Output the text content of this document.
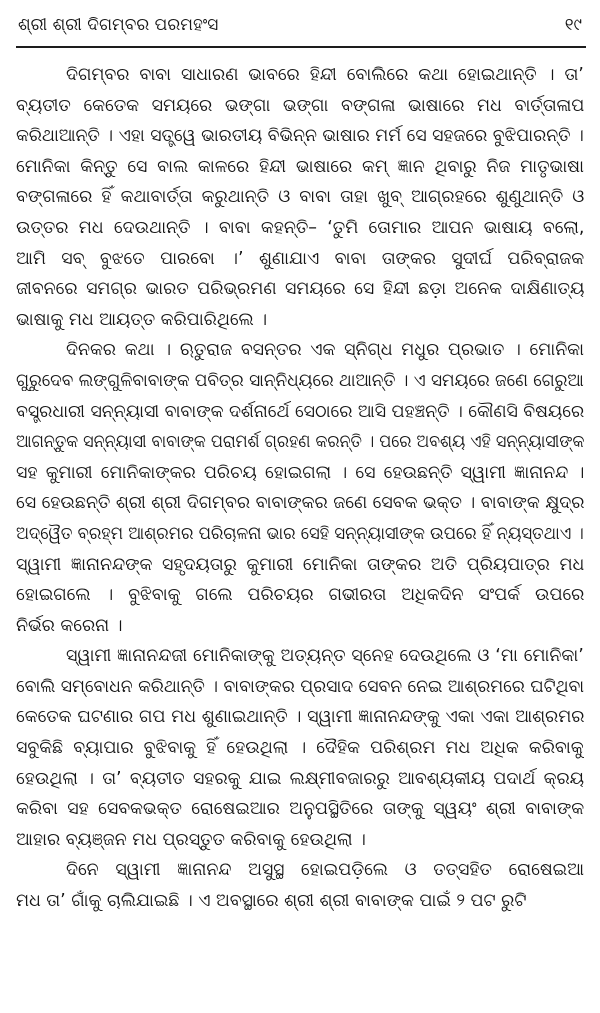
ଶ୍ରୀ ଶ୍ରୀ ଦିଗମ୍ବର ପରମହଂସ	୧୯
ଦିଗମ୍ବର ବାବା ସାଧାରଣ ଭାବରେ ହିନ୍ଦୀ ବୋଲିରେ କଥା ହୋଇଥାନ୍ତି । ତା’
ବ୍ୟତୀତ କେତେକ ସମୟରେ ଭଙ୍ଗା ଭଙ୍ଗା ବଙ୍ଗଳା ଭାଷାରେ ମଧ ବାର୍ତ୍ତାଳାପ
କରିଥାଆନ୍ତି । ଏହା ସତ୍ତ୍ୱେ ଭାରତୀୟ ବିଭିନ୍ନ ଭାଷାର ମର୍ମ ସେ ସହଜରେ ବୁଝିପାରନ୍ତି ।
ମୋନିକା କିନ୍ତୁ ସେ ବାଲ କାଳରେ ହିନ୍ଦୀ ଭାଷାରେ କମ୍ ଜ୍ଞାନ ଥିବାରୁ ନିଜ ମାତୃଭାଷା
ବଙ୍ଗଳାରେ ହିଁ କଥାବାର୍ତ୍ତା କରୁଥାନ୍ତି ଓ ବାବା ତାହା ଖୁବ୍ ଆଗ୍ରହରେ ଶୁଣୁଥାନ୍ତି ଓ
ଉତ୍ତର ମଧ ଦେଉଥାନ୍ତି । ବାବା କହନ୍ତି– ‘ତୁମି ତୋମାର ଆପନ ଭାଷାୟ ବଲୋ,
ଆମି ସବ୍ ବୁଝତେ ପାରବୋ ।’ ଶୁଣାଯାଏ ବାବା ତାଙ୍କର ସୁଦୀର୍ଘ ପରିବ୍ରାଜକ
ଜୀବନରେ ସମଗ୍ର ଭାରତ ପରିଭ୍ରମଣ ସମୟରେ ସେ ହିନ୍ଦୀ ଛଡ଼ା ଅନେକ ଦାକ୍ଷିଣାତ୍ୟ
ଭାଷାକୁ ମଧ ଆୟତ୍ତ କରିପାରିଥିଲେ ।
ଦିନକର କଥା । ଋତୁରାଜ ବସନ୍ତର ଏକ ସ୍ନିଗ୍ଧ ମଧୁର ପ୍ରଭାତ । ମୋନିକା
ଗୁରୁଦେବ ଲଙ୍ଗୁଳିବାବାଙ୍କ ପବିତ୍ର ସାନ୍ନିଧ୍ୟରେ ଥାଆନ୍ତି । ଏ ସମୟରେ ଜଣେ ଗେରୁଆ
ବସ୍ତ୍ରଧାରୀ ସନ୍ନ୍ୟାସୀ ବାବାଙ୍କ ଦର୍ଶନାର୍ଥେ ସେଠାରେ ଆସି ପହଞ୍ଚନ୍ତି । କୌଣସି ବିଷୟରେ
ଆଗନ୍ତୁକ ସନ୍ନ୍ୟାସୀ ବାବାଙ୍କ ପରାମର୍ଶ ଗ୍ରହଣ କରନ୍ତି । ପରେ ଅବଶ୍ୟ ଏହି ସନ୍ନ୍ୟାସୀଙ୍କ
ସହ କୁମାରୀ ମୋନିକାଙ୍କର ପରିଚୟ ହୋଇଗଲା । ସେ ହେଉଛନ୍ତି ସ୍ୱାମୀ ଜ୍ଞାନାନନ୍ଦ ।
ସେ ହେଉଛନ୍ତି ଶ୍ରୀ ଶ୍ରୀ ଦିଗମ୍ବର ବାବାଙ୍କର ଜଣେ ସେବକ ଭକ୍ତ । ବାବାଙ୍କ କ୍ଷୁଦ୍ର
ଅଦ୍ୱୈତ ବ୍ରହ୍ମ ଆଶ୍ରମର ପରିଚାଳନା ଭାର ସେହି ସନ୍ନ୍ୟାସୀଙ୍କ ଉପରେ ହିଁ ନ୍ୟସ୍ତଥାଏ ।
ସ୍ୱାମୀ ଜ୍ଞାନାନନ୍ଦଙ୍କ ସହୃଦୟତାରୁ କୁମାରୀ ମୋନିକା ତାଙ୍କର ଅତି ପ୍ରିୟପାତ୍ର ମଧ
ହୋଇଗଲେ । ବୁଝିବାକୁ ଗଲେ ପରିଚୟର ଗଭୀରତା ଅଧିକଦିନ ସଂପର୍କ ଉପରେ
ନିର୍ଭର କରେନା ।
ସ୍ୱାମୀ ଜ୍ଞାନାନନ୍ଦଜୀ ମୋନିକାଙ୍କୁ ଅତ୍ୟନ୍ତ ସ୍ନେହ ଦେଉଥିଲେ ଓ ‘ମା ମୋନିକା’
ବୋଲି ସମ୍ବୋଧନ କରିଥାନ୍ତି । ବାବାଙ୍କର ପ୍ରସାଦ ସେବନ ନେଇ ଆଶ୍ରମରେ ଘଟିଥିବା
କେତେକ ଘଟଣାର ଗପ ମଧ ଶୁଣାଇଥାନ୍ତି । ସ୍ୱାମୀ ଜ୍ଞାନାନନ୍ଦଙ୍କୁ ଏକା ଏକା ଆଶ୍ରମର
ସବୁକିଛି ବ୍ୟାପାର ବୁଝିବାକୁ ହିଁ ହେଉଥିଲା । ଦୈହିକ ପରିଶ୍ରମ ମଧ ଅଧିକ କରିବାକୁ
ହେଉଥିଲା । ତା’ ବ୍ୟତୀତ ସହରକୁ ଯାଇ ଲକ୍ଷ୍ମୀବଜାରରୁ ଆବଶ୍ୟକୀୟ ପଦାର୍ଥ କ୍ରୟ
କରିବା ସହ ସେବକଭକ୍ତ ରୋଷେଇଆର ଅନୁପସ୍ଥିତିରେ ତାଙ୍କୁ ସ୍ୱୟଂ ଶ୍ରୀ ବାବାଙ୍କ
ଆହାର ବ୍ୟଞ୍ଜନ ମଧ ପ୍ରସ୍ତୁତ କରିବାକୁ ହେଉଥିଲା ।
ଦିନେ ସ୍ୱାମୀ ଜ୍ଞାନାନନ୍ଦ ଅସୁସ୍ଥ ହୋଇପଡ଼ିଲେ ଓ ତତ୍‌ସହିତ ରୋଷେଇଆ
ମଧ ତା’ ଗାଁକୁ ଚାଲିଯାଇଛି । ଏ ଅବସ୍ଥାରେ ଶ୍ରୀ ଶ୍ରୀ ବାବାଙ୍କ ପାଇଁ ୨ ପଟ ରୁଟି
